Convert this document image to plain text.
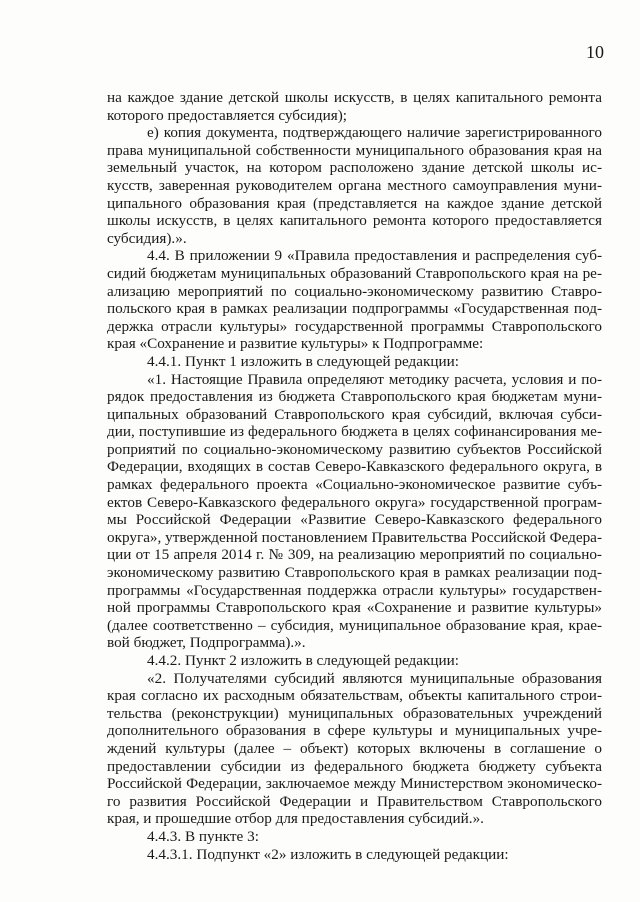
10

на каждое здание детской школы искусств, в целях капитального ремонта которого предоставляется субсидия);

е) копия документа, подтверждающего наличие зарегистрированного права муниципальной собственности муниципального образования края на земельный участок, на котором расположено здание детской школы искусств, заверенная руководителем органа местного самоуправления муниципального образования края (представляется на каждое здание детской школы искусств, в целях капитального ремонта которого предоставляется субсидия).».

4.4. В приложении 9 «Правила предоставления и распределения субсидий бюджетам муниципальных образований Ставропольского края на реализацию мероприятий по социально-экономическому развитию Ставропольского края в рамках реализации подпрограммы «Государственная поддержка отрасли культуры» государственной программы Ставропольского края «Сохранение и развитие культуры» к Подпрограмме:

4.4.1. Пункт 1 изложить в следующей редакции:

«1. Настоящие Правила определяют методику расчета, условия и порядок предоставления из бюджета Ставропольского края бюджетам муниципальных образований Ставропольского края субсидий, включая субсидии, поступившие из федерального бюджета в целях софинансирования мероприятий по социально-экономическому развитию субъектов Российской Федерации, входящих в состав Северо-Кавказского федерального округа, в рамках федерального проекта «Социально-экономическое развитие субъектов Северо-Кавказского федерального округа» государственной программы Российской Федерации «Развитие Северо-Кавказского федерального округа», утвержденной постановлением Правительства Российской Федерации от 15 апреля 2014 г. № 309, на реализацию мероприятий по социально-экономическому развитию Ставропольского края в рамках реализации подпрограммы «Государственная поддержка отрасли культуры» государственной программы Ставропольского края «Сохранение и развитие культуры» (далее соответственно – субсидия, муниципальное образование края, краевой бюджет, Подпрограмма).».

4.4.2. Пункт 2 изложить в следующей редакции:

«2. Получателями субсидий являются муниципальные образования края согласно их расходным обязательствам, объекты капитального строительства (реконструкции) муниципальных образовательных учреждений дополнительного образования в сфере культуры и муниципальных учреждений культуры (далее – объект) которых включены в соглашение о предоставлении субсидии из федерального бюджета бюджету субъекта Российской Федерации, заключаемое между Министерством экономического развития Российской Федерации и Правительством Ставропольского края, и прошедшие отбор для предоставления субсидий.».

4.4.3. В пункте 3:

4.4.3.1. Подпункт «2» изложить в следующей редакции:
